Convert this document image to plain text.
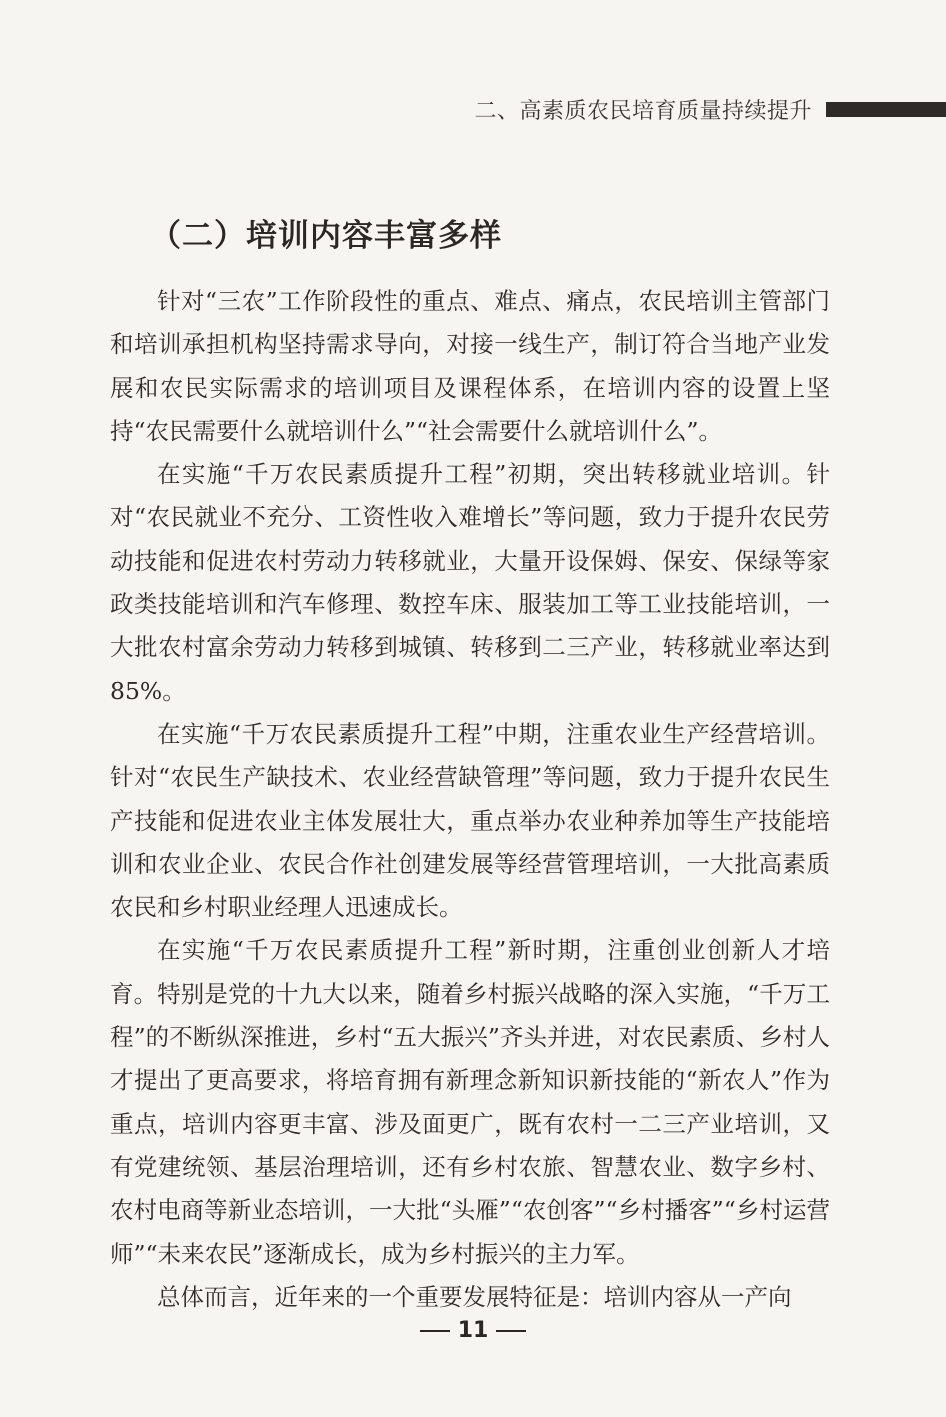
二、高素质农民培育质量持续提升
（二）培训内容丰富多样

针对“三农”工作阶段性的重点、难点、痛点，农民培训主管部门和培训承担机构坚持需求导向，对接一线生产，制订符合当地产业发展和农民实际需求的培训项目及课程体系，在培训内容的设置上坚持“农民需要什么就培训什么”“社会需要什么就培训什么”。

在实施“千万农民素质提升工程”初期，突出转移就业培训。针对“农民就业不充分、工资性收入难增长”等问题，致力于提升农民劳动技能和促进农村劳动力转移就业，大量开设保姆、保安、保绿等家政类技能培训和汽车修理、数控车床、服装加工等工业技能培训，一大批农村富余劳动力转移到城镇、转移到二三产业，转移就业率达到85%。

在实施“千万农民素质提升工程”中期，注重农业生产经营培训。针对“农民生产缺技术、农业经营缺管理”等问题，致力于提升农民生产技能和促进农业主体发展壮大，重点举办农业种养加等生产技能培训和农业企业、农民合作社创建发展等经营管理培训，一大批高素质农民和乡村职业经理人迅速成长。

在实施“千万农民素质提升工程”新时期，注重创业创新人才培育。特别是党的十九大以来，随着乡村振兴战略的深入实施，“千万工程”的不断纵深推进，乡村“五大振兴”齐头并进，对农民素质、乡村人才提出了更高要求，将培育拥有新理念新知识新技能的“新农人”作为重点，培训内容更丰富、涉及面更广，既有农村一二三产业培训，又有党建统领、基层治理培训，还有乡村农旅、智慧农业、数字乡村、农村电商等新业态培训，一大批“头雁”“农创客”“乡村播客”“乡村运营师”“未来农民”逐渐成长，成为乡村振兴的主力军。

总体而言，近年来的一个重要发展特征是：培训内容从一产向

11
